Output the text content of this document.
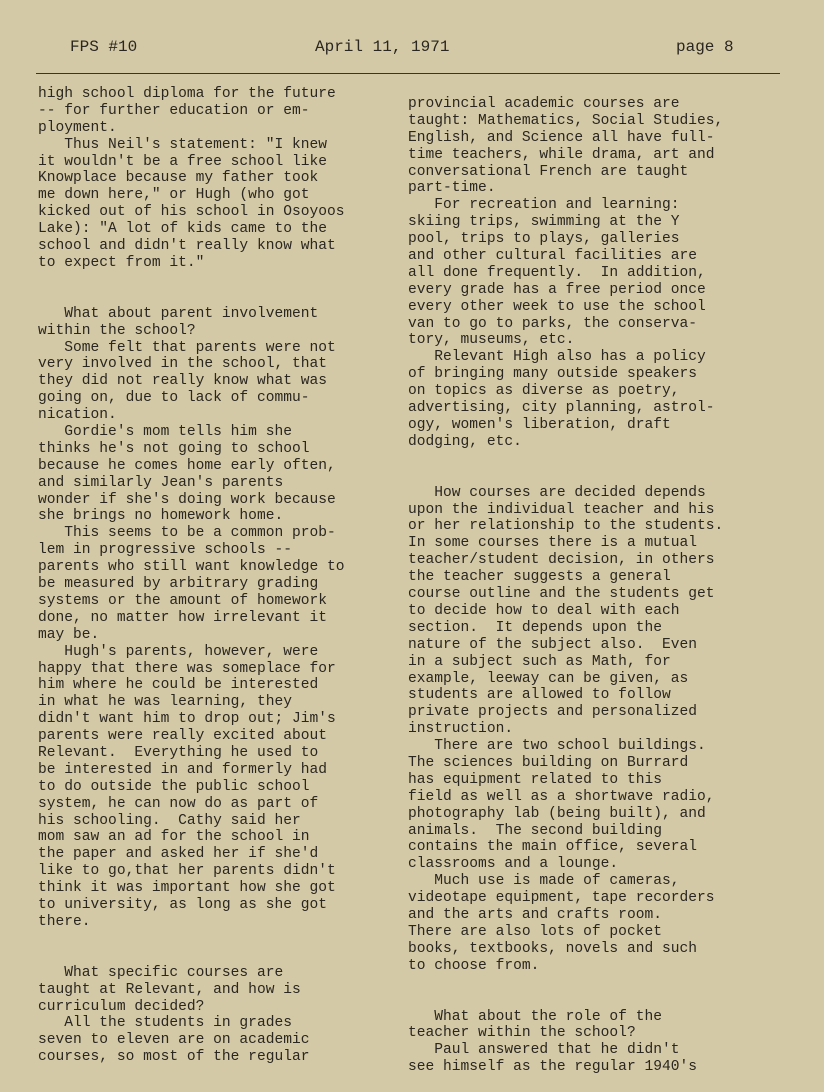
FPS #10	April 11, 1971	page 8
high school diploma for the future
-- for further education or em-
ployment.
Thus Neil's statement: "I knew
it wouldn't be a free school like
Knowplace because my father took
me down here," or Hugh (who got
kicked out of his school in Osoyoos
Lake): "A lot of kids came to the
school and didn't really know what
to expect from it."
What about parent involvement
within the school?
Some felt that parents were not
very involved in the school, that
they did not really know what was
going on, due to lack of commu-
nication.
Gordie's mom tells him she
thinks he's not going to school
because he comes home early often,
and similarly Jean's parents
wonder if she's doing work because
she brings no homework home.
This seems to be a common prob-
lem in progressive schools --
parents who still want knowledge to
be measured by arbitrary grading
systems or the amount of homework
done, no matter how irrelevant it
may be.
Hugh's parents, however, were
happy that there was someplace for
him where he could be interested
in what he was learning, they
didn't want him to drop out; Jim's
parents were really excited about
Relevant.  Everything he used to
be interested in and formerly had
to do outside the public school
system, he can now do as part of
his schooling.  Cathy said her
mom saw an ad for the school in
the paper and asked her if she'd
like to go,that her parents didn't
think it was important how she got
to university, as long as she got
there.
What specific courses are
taught at Relevant, and how is
curriculum decided?
All the students in grades
seven to eleven are on academic
courses, so most of the regular
provincial academic courses are
taught: Mathematics, Social Studies,
English, and Science all have full-
time teachers, while drama, art and
conversational French are taught
part-time.
For recreation and learning:
skiing trips, swimming at the Y
pool, trips to plays, galleries
and other cultural facilities are
all done frequently.  In addition,
every grade has a free period once
every other week to use the school
van to go to parks, the conserva-
tory, museums, etc.
Relevant High also has a policy
of bringing many outside speakers
on topics as diverse as poetry,
advertising, city planning, astrol-
ogy, women's liberation, draft
dodging, etc.
How courses are decided depends
upon the individual teacher and his
or her relationship to the students.
In some courses there is a mutual
teacher/student decision, in others
the teacher suggests a general
course outline and the students get
to decide how to deal with each
section.  It depends upon the
nature of the subject also.  Even
in a subject such as Math, for
example, leeway can be given, as
students are allowed to follow
private projects and personalized
instruction.
There are two school buildings.
The sciences building on Burrard
has equipment related to this
field as well as a shortwave radio,
photography lab (being built), and
animals.  The second building
contains the main office, several
classrooms and a lounge.
Much use is made of cameras,
videotape equipment, tape recorders
and the arts and crafts room.
There are also lots of pocket
books, textbooks, novels and such
to choose from.
What about the role of the
teacher within the school?
Paul answered that he didn't
see himself as the regular 1940's
